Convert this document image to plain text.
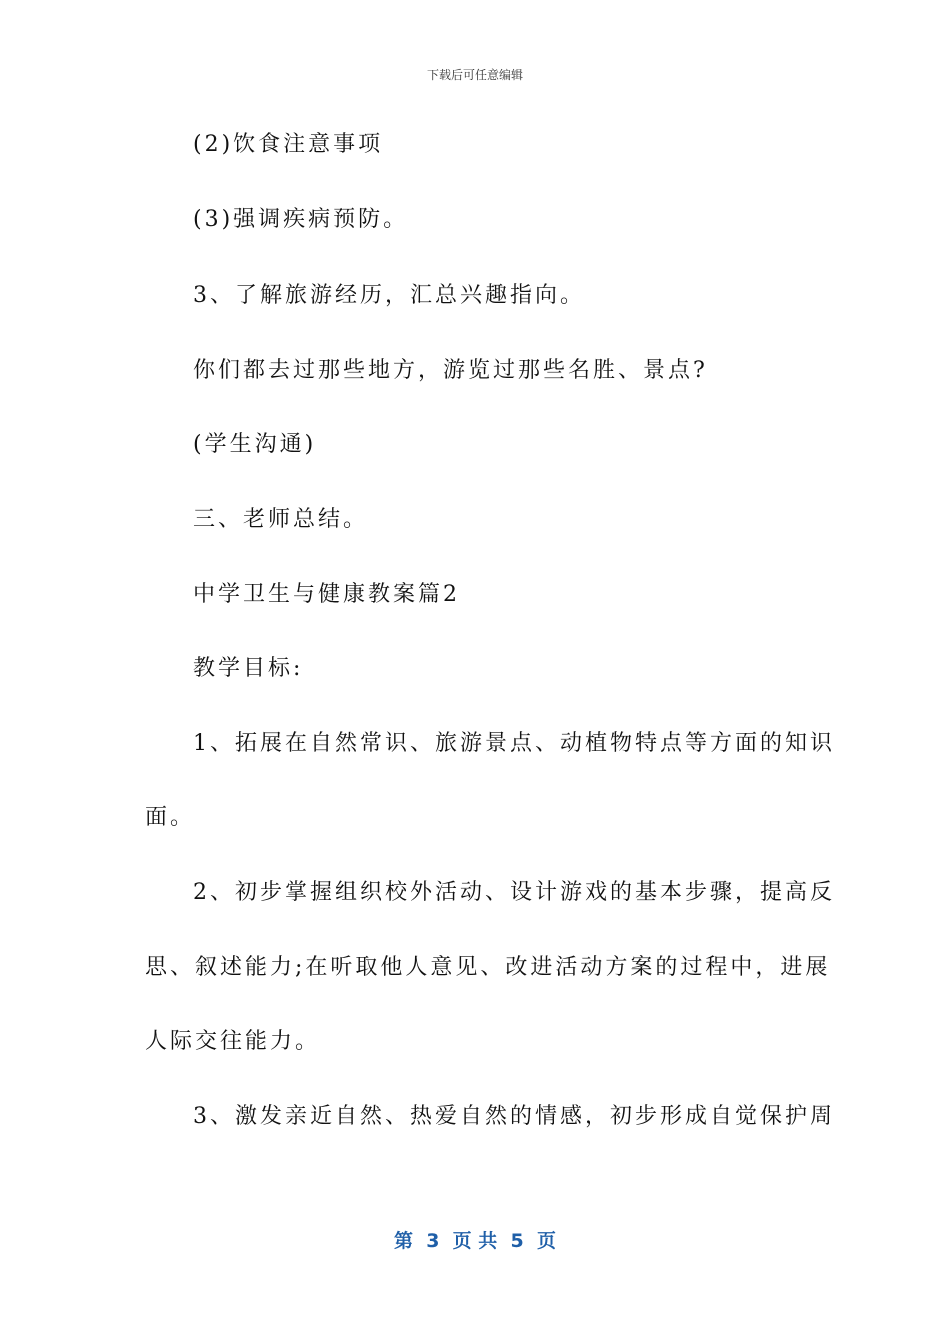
下载后可任意编辑
(2)饮食注意事项
(3)强调疾病预防。
3、了解旅游经历，汇总兴趣指向。
你们都去过那些地方，游览过那些名胜、景点?
(学生沟通)
三、老师总结。
中学卫生与健康教案篇2
教学目标:
1、拓展在自然常识、旅游景点、动植物特点等方面的知识
面。
2、初步掌握组织校外活动、设计游戏的基本步骤，提高反
思、叙述能力;在听取他人意见、改进活动方案的过程中，进展
人际交往能力。
3、激发亲近自然、热爱自然的情感，初步形成自觉保护周
第  3  页 共  5  页
